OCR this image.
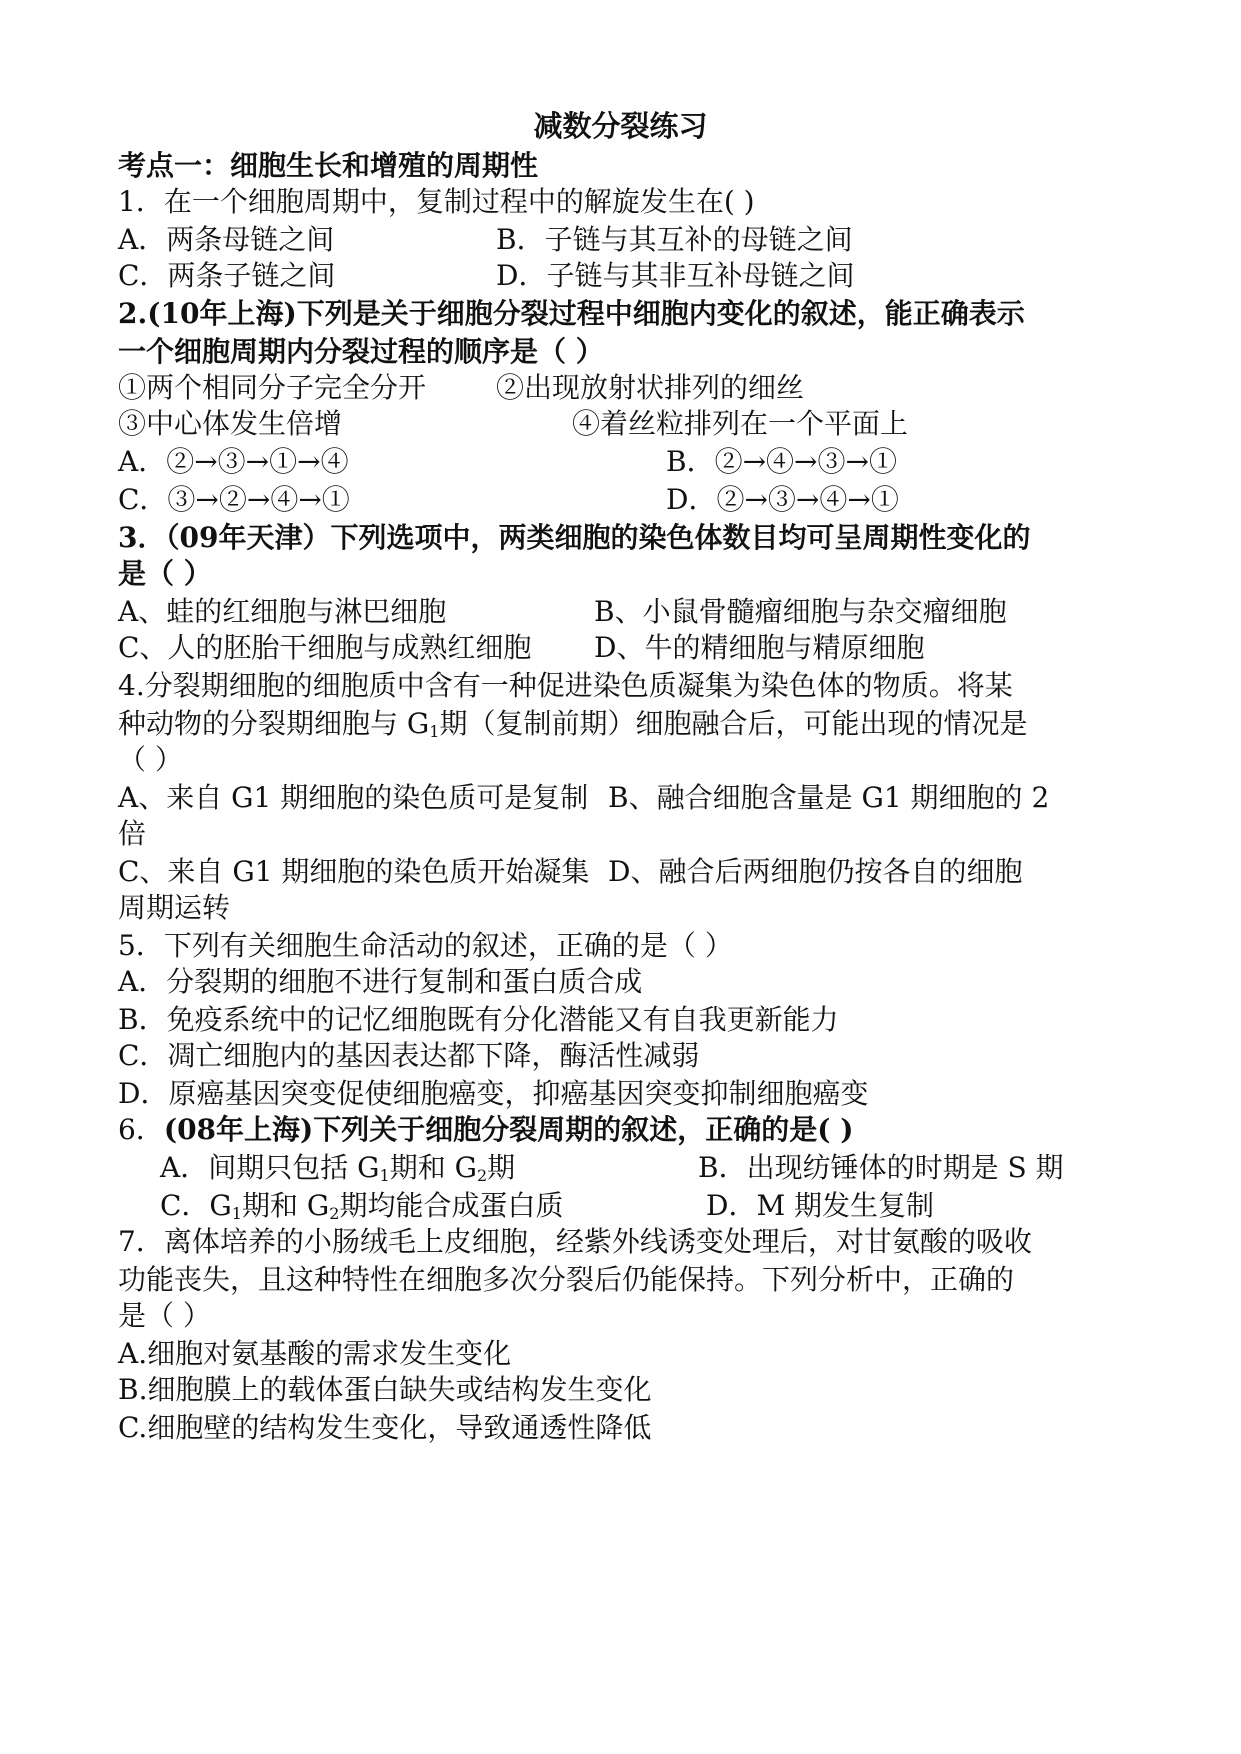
减数分裂练习
考点一：细胞生长和增殖的周期性
1．在一个细胞周期中，复制过程中的解旋发生在( )
A．两条母链之间	B．子链与其互补的母链之间
C．两条子链之间	D．子链与其非互补母链之间
2.(10年上海)下列是关于细胞分裂过程中细胞内变化的叙述，能正确表示
一个细胞周期内分裂过程的顺序是（ ）
①两个相同分子完全分开 ②出现放射状排列的细丝
③中心体发生倍增	④着丝粒排列在一个平面上
A．②→③→①→④	B．②→④→③→①
C．③→②→④→①	D．②→③→④→①
3．（09年天津）下列选项中，两类细胞的染色体数目均可呈周期性变化的
是（ ）
A、蛙的红细胞与淋巴细胞	B、小鼠骨髓瘤细胞与杂交瘤细胞
C、人的胚胎干细胞与成熟红细胞 D、牛的精细胞与精原细胞
4.分裂期细胞的细胞质中含有一种促进染色质凝集为染色体的物质。将某
种动物的分裂期细胞与 $G_1$期（复制前期）细胞融合后，可能出现的情况是
（ ）
A、来自 G1 期细胞的染色质可是复制 B、融合细胞含量是 G1 期细胞的 2
倍
C、来自 G1 期细胞的染色质开始凝集 D、融合后两细胞仍按各自的细胞
周期运转
5．下列有关细胞生命活动的叙述，正确的是（ ）
A．分裂期的细胞不进行复制和蛋白质合成
B．免疫系统中的记忆细胞既有分化潜能又有自我更新能力
C．凋亡细胞内的基因表达都下降，酶活性减弱
D．原癌基因突变促使细胞癌变，抑癌基因突变抑制细胞癌变
6．(08年上海)下列关于细胞分裂周期的叙述，正确的是( )
A．间期只包括 $G_1$期和 $G_2$期	B．出现纺锤体的时期是 S 期
C．$G_1$期和 $G_2$期均能合成蛋白质	D．M 期发生复制
7．离体培养的小肠绒毛上皮细胞，经紫外线诱变处理后，对甘氨酸的吸收
功能丧失，且这种特性在细胞多次分裂后仍能保持。下列分析中，正确的
是（ ）
A.细胞对氨基酸的需求发生变化
B.细胞膜上的载体蛋白缺失或结构发生变化
C.细胞壁的结构发生变化，导致通透性降低
